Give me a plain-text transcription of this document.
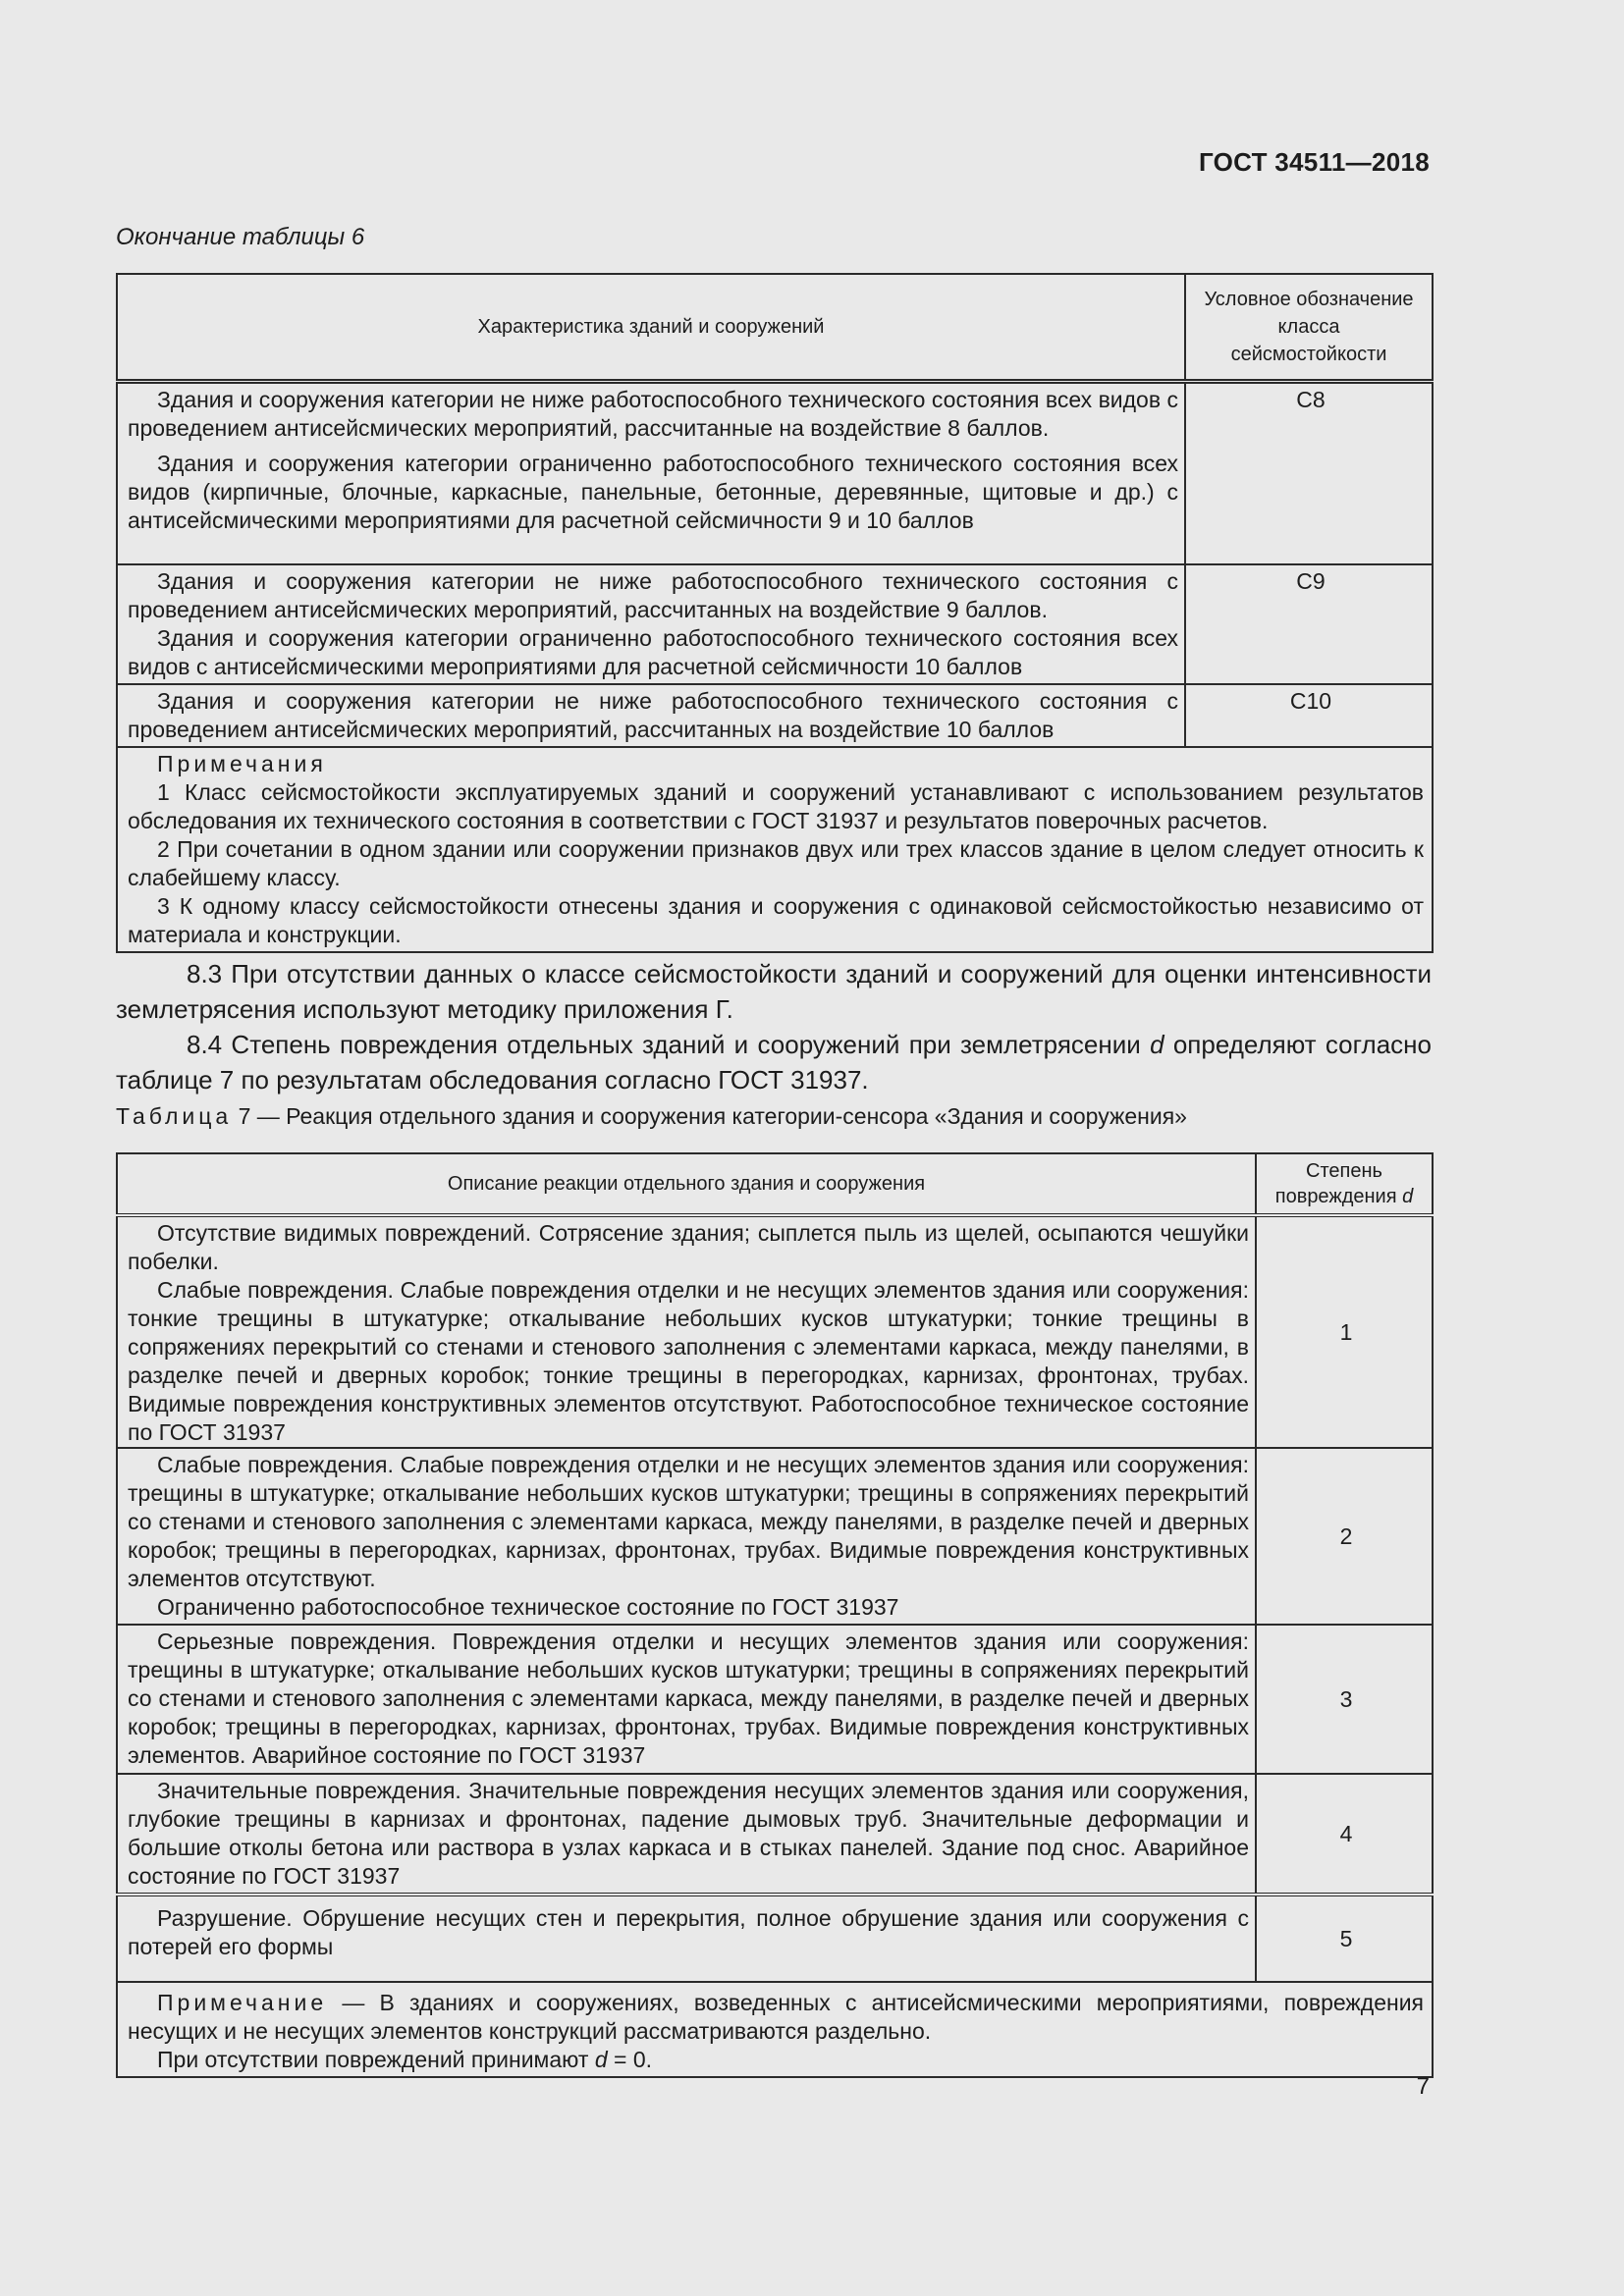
ГОСТ 34511—2018
Окончание таблицы 6
Характеристика зданий и сооружений	Условное обозначение класса сейсмостойкости

Здания и сооружения категории не ниже работоспособного технического состояния всех видов с проведением антисейсмических мероприятий, рассчитанные на воздействие 8 баллов.

Здания и сооружения категории ограниченно работоспособного технического состояния всех видов (кирпичные, блочные, каркасные, панельные, бетонные, деревянные, щитовые и др.) с антисейсмическими мероприятиями для расчетной сейсмичности 9 и 10 баллов	C8

Здания и сооружения категории не ниже работоспособного технического состояния с проведением антисейсмических мероприятий, рассчитанных на воздействие 9 баллов.

Здания и сооружения категории ограниченно работоспособного технического состояния всех видов с антисейсмическими мероприятиями для расчетной сейсмичности 10 баллов	C9

Здания и сооружения категории не ниже работоспособного технического состояния с проведением антисейсмических мероприятий, рассчитанных на воздействие 10 баллов	C10

Примечания

1 Класс сейсмостойкости эксплуатируемых зданий и сооружений устанавливают с использованием результатов обследования их технического состояния в соответствии с ГОСТ 31937 и результатов поверочных расчетов.

2 При сочетании в одном здании или сооружении признаков двух или трех классов здание в целом следует относить к слабейшему классу.

3 К одному классу сейсмостойкости отнесены здания и сооружения с одинаковой сейсмостойкостью независимо от материала и конструкции.	

8.3 При отсутствии данных о классе сейсмостойкости зданий и сооружений для оценки интенсивности землетрясения используют методику приложения Г.

8.4 Степень повреждения отдельных зданий и сооружений при землетрясении d определяют согласно таблице 7 по результатам обследования согласно ГОСТ 31937.

Таблица 7 — Реакция отдельного здания и сооружения категории-сенсора «Здания и сооружения»
Описание реакции отдельного здания и сооружения	Степень повреждения d

Отсутствие видимых повреждений. Сотрясение здания; сыплется пыль из щелей, осыпаются чешуйки побелки.

Слабые повреждения. Слабые повреждения отделки и не несущих элементов здания или сооружения: тонкие трещины в штукатурке; откалывание небольших кусков штукатурки; тонкие трещины в сопряжениях перекрытий со стенами и стенового заполнения с элементами каркаса, между панелями, в разделке печей и дверных коробок; тонкие трещины в перегородках, карнизах, фронтонах, трубах. Видимые повреждения конструктивных элементов отсутствуют. Работоспособное техническое состояние по ГОСТ 31937	1

Слабые повреждения. Слабые повреждения отделки и не несущих элементов здания или сооружения: трещины в штукатурке; откалывание небольших кусков штукатурки; трещины в сопряжениях перекрытий со стенами и стенового заполнения с элементами каркаса, между панелями, в разделке печей и дверных коробок; трещины в перегородках, карнизах, фронтонах, трубах. Видимые повреждения конструктивных элементов отсутствуют.

Ограниченно работоспособное техническое состояние по ГОСТ 31937	2

Серьезные повреждения. Повреждения отделки и несущих элементов здания или сооружения: трещины в штукатурке; откалывание небольших кусков штукатурки; трещины в сопряжениях перекрытий со стенами и стенового заполнения с элементами каркаса, между панелями, в разделке печей и дверных коробок; трещины в перегородках, карнизах, фронтонах, трубах. Видимые повреждения конструктивных элементов. Аварийное состояние по ГОСТ 31937	3

Значительные повреждения. Значительные повреждения несущих элементов здания или сооружения, глубокие трещины в карнизах и фронтонах, падение дымовых труб. Значительные деформации и большие отколы бетона или раствора в узлах каркаса и в стыках панелей. Здание под снос. Аварийное состояние по ГОСТ 31937	4

Разрушение. Обрушение несущих стен и перекрытия, полное обрушение здания или сооружения с потерей его формы	5

Примечание — В зданиях и сооружениях, возведенных с антисейсмическими мероприятиями, повреждения несущих и не несущих элементов конструкций рассматриваются раздельно.

При отсутствии повреждений принимают d = 0.	

7
